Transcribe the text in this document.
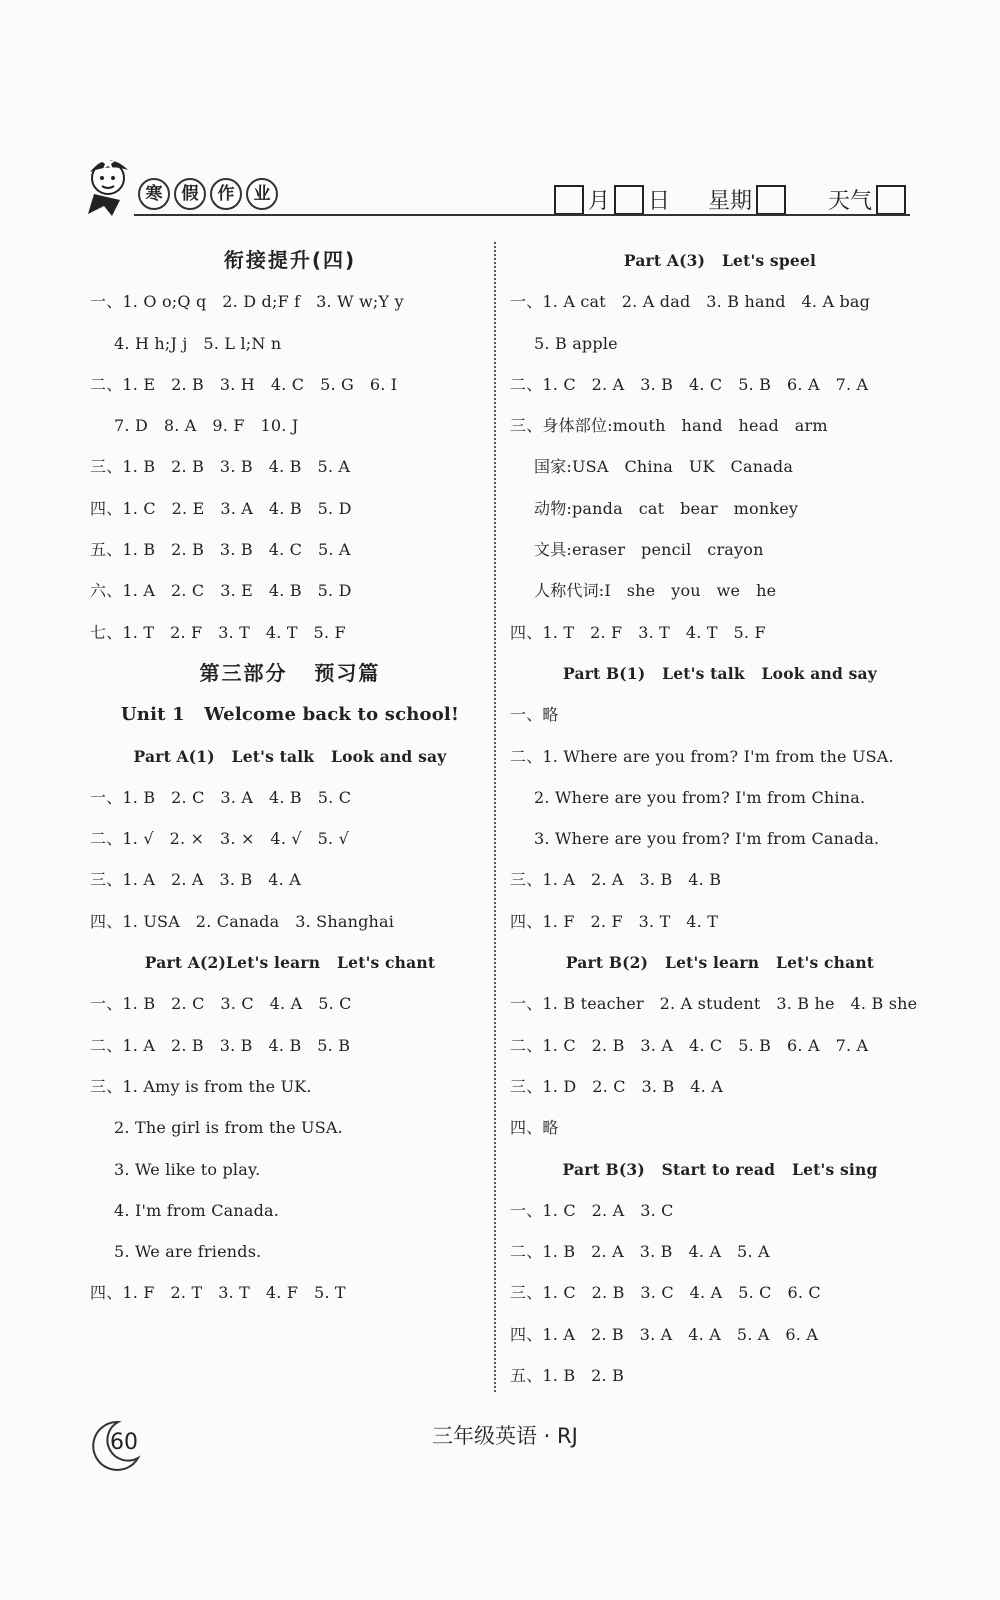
寒	假	作	业	月 日 星期	天气
衔接提升(四)
一、1. O o;Q q   2. D d;F f   3. W w;Y y
4. H h;J j   5. L l;N n
二、1. E   2. B   3. H   4. C   5. G   6. I
7. D   8. A   9. F   10. J
三、1. B   2. B   3. B   4. B   5. A
四、1. C   2. E   3. A   4. B   5. D
五、1. B   2. B   3. B   4. C   5. A
六、1. A   2. C   3. E   4. B   5. D
七、1. T   2. F   3. T   4. T   5. F
第三部分   预习篇
Unit 1   Welcome back to school!
Part A(1)   Let's talk   Look and say
一、1. B   2. C   3. A   4. B   5. C
二、1. √   2. ×   3. ×   4. √   5. √
三、1. A   2. A   3. B   4. A
四、1. USA   2. Canada   3. Shanghai
Part A(2)Let's learn   Let's chant
一、1. B   2. C   3. C   4. A   5. C
二、1. A   2. B   3. B   4. B   5. B
三、1. Amy is from the UK.
2. The girl is from the USA.
3. We like to play.
4. I'm from Canada.
5. We are friends.
四、1. F   2. T   3. T   4. F   5. T
Part A(3)   Let's speel
一、1. A cat   2. A dad   3. B hand   4. A bag
5. B apple
二、1. C   2. A   3. B   4. C   5. B   6. A   7. A
三、身体部位:mouth   hand   head   arm
国家:USA   China   UK   Canada
动物:panda   cat   bear   monkey
文具:eraser   pencil   crayon
人称代词:I   she   you   we   he
四、1. T   2. F   3. T   4. T   5. F
Part B(1)   Let's talk   Look and say
一、略
二、1. Where are you from? I'm from the USA.
2. Where are you from? I'm from China.
3. Where are you from? I'm from Canada.
三、1. A   2. A   3. B   4. B
四、1. F   2. F   3. T   4. T
Part B(2)   Let's learn   Let's chant
一、1. B teacher   2. A student   3. B he   4. B she
二、1. C   2. B   3. A   4. C   5. B   6. A   7. A
三、1. D   2. C   3. B   4. A
四、略
Part B(3)   Start to read   Let's sing
一、1. C   2. A   3. C
二、1. B   2. A   3. B   4. A   5. A
三、1. C   2. B   3. C   4. A   5. C   6. C
四、1. A   2. B   3. A   4. A   5. A   6. A
五、1. B   2. B
60	三年级英语 · RJ
